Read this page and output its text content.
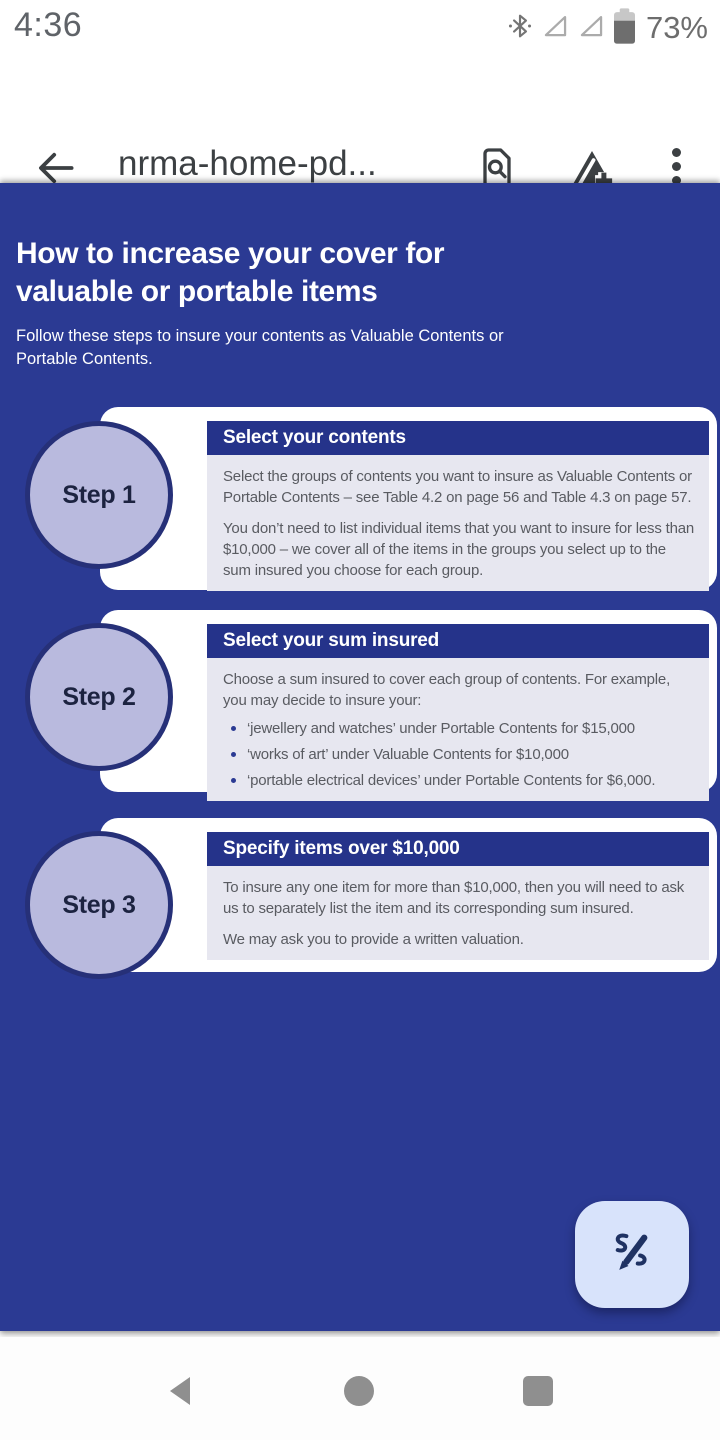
4:36	73%
nrma-home-pd...
How to increase your cover for valuable or portable items

Follow these steps to insure your contents as Valuable Contents or Portable Contents.

Select your contents

Select the groups of contents you want to insure as Valuable Contents or Portable Contents – see Table 4.2 on page 56 and Table 4.3 on page 57.

You don’t need to list individual items that you want to insure for less than $10,000 – we cover all of the items in the groups you select up to the sum insured you choose for each group.

Step 1
Select your sum insured

Choose a sum insured to cover each group of contents. For example, you may decide to insure your:

‘jewellery and watches’ under Portable Contents for $15,000
‘works of art’ under Valuable Contents for $10,000
‘portable electrical devices’ under Portable Contents for $6,000.
Step 2
Specify items over $10,000

To insure any one item for more than $10,000, then you will need to ask us to separately list the item and its corresponding sum insured.

We may ask you to provide a written valuation.

Step 3
